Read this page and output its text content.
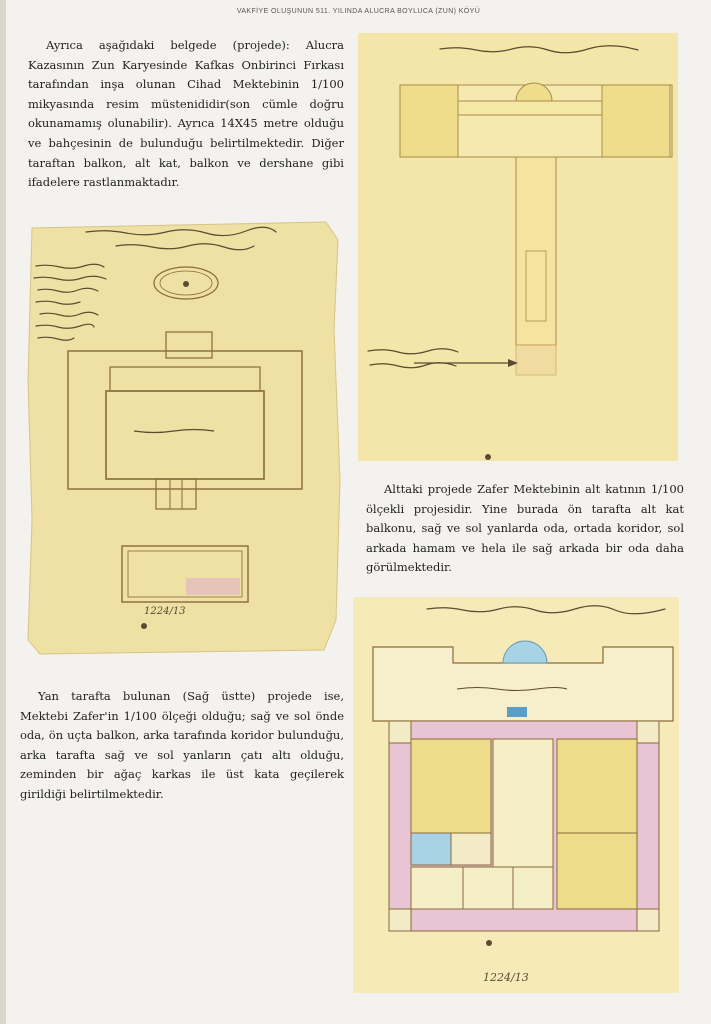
VAKFİYE OLUŞUNUN 511. YILINDA ALUCRA BOYLUCA (ZUN) KÖYÜ

Ayrıca aşağıdaki belgede (projede): Alucra Kazasının Zun Karyesinde Kafkas Onbirinci Fırkası tarafından inşa olunan Cihad Mektebinin 1/100 mikyasında resim müstenididir(son cümle doğru okunamamış olunabilir). Ayrıca 14X45 metre olduğu ve bahçesinin de bulunduğu belirtilmektedir. Diğer taraftan balkon, alt kat, balkon ve dershane gibi ifadelere rastlanmaktadır.

1224/13

Alttaki projede Zafer Mektebinin alt katının 1/100 ölçekli projesidir. Yine burada ön tarafta alt kat balkonu, sağ ve sol yanlarda oda, ortada koridor, sol arkada hamam ve hela ile sağ arkada bir oda daha görülmektedir.

Yan tarafta bulunan (Sağ üstte) projede ise, Mektebi Zafer'in 1/100 ölçeği olduğu; sağ ve sol önde oda, ön uçta balkon, arka tarafında koridor bulunduğu, arka tarafta sağ ve sol yanların çatı altı olduğu, zeminden bir ağaç karkas ile üst kata geçilerek girildiği belirtilmektedir.

1224/13
